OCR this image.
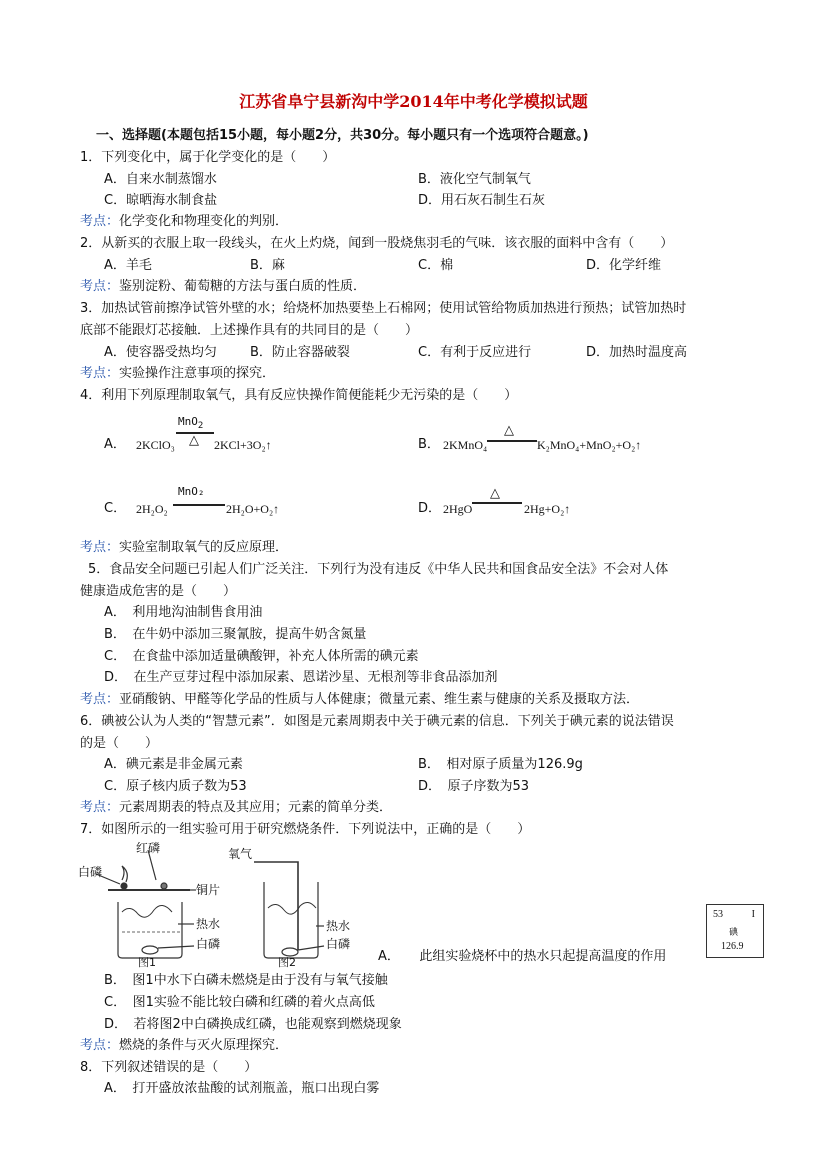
江苏省阜宁县新沟中学2014年中考化学模拟试题
一、选择题(本题包括15小题，每小题2分，共30分。每小题只有一个选项符合题意。)
1．下列变化中，属于化学变化的是（　　）
A．自来水制蒸馏水	B．液化空气制氧气
C．晾晒海水制食盐	D．用石灰石制生石灰
考点：化学变化和物理变化的判别．
2．从新买的衣服上取一段线头，在火上灼烧，闻到一股烧焦羽毛的气味．该衣服的面料中含有（　　）
A．羊毛	B．麻	C．棉	D．化学纤维
考点：鉴别淀粉、葡萄糖的方法与蛋白质的性质．
3．加热试管前擦净试管外壁的水；给烧杯加热要垫上石棉网；使用试管给物质加热进行预热；试管加热时
底部不能跟灯芯接触．上述操作具有的共同目的是（　　）
A．使容器受热均匀	B．防止容器破裂	C．有利于反应进行	D．加热时温度高
考点：实验操作注意事项的探究．
4．利用下列原理制取氧气，具有反应快操作简便能耗少无污染的是（　　）
A． 2KClO₃
MnO$_2$
△ 2KCl+3O₂↑	B． 2KMnO₄
△
K₂MnO₄+MnO₂+O₂↑
C． 2H₂O₂
MnO₂
2H₂O+O₂↑	D． 2HgO
△
2Hg+O₂↑
考点：实验室制取氧气的反应原理．
5．食品安全问题已引起人们广泛关注．下列行为没有违反《中华人民共和国食品安全法》不会对人体
健康造成危害的是（　　）
A．　利用地沟油制售食用油
B．　在牛奶中添加三聚氰胺，提高牛奶含氮量
C．　在食盐中添加适量碘酸钾，补充人体所需的碘元素
D．　在生产豆芽过程中添加尿素、恩诺沙星、无根剂等非食品添加剂
考点：亚硝酸钠、甲醛等化学品的性质与人体健康；微量元素、维生素与健康的关系及摄取方法．
6．碘被公认为人类的“智慧元素”．如图是元素周期表中关于碘元素的信息．下列关于碘元素的说法错误
的是（　　）
A．碘元素是非金属元素	B．　相对原子质量为126.9g
C．原子核内质子数为53	D．　原子序数为53
考点：元素周期表的特点及其应用；元素的简单分类．
7．如图所示的一组实验可用于研究燃烧条件．下列说法中，正确的是（　　）
白磷
红磷
铜片
热水
白磷
图1
氧气
热水
白磷
图2	A．　　此组实验烧杯中的热水只起提高温度的作用
53	I
碘
126.9
B．　图1中水下白磷未燃烧是由于没有与氧气接触
C．　图1实验不能比较白磷和红磷的着火点高低
D．　若将图2中白磷换成红磷，也能观察到燃烧现象
考点：燃烧的条件与灭火原理探究．
8．下列叙述错误的是（　　）
A．　打开盛放浓盐酸的试剂瓶盖，瓶口出现白雾
